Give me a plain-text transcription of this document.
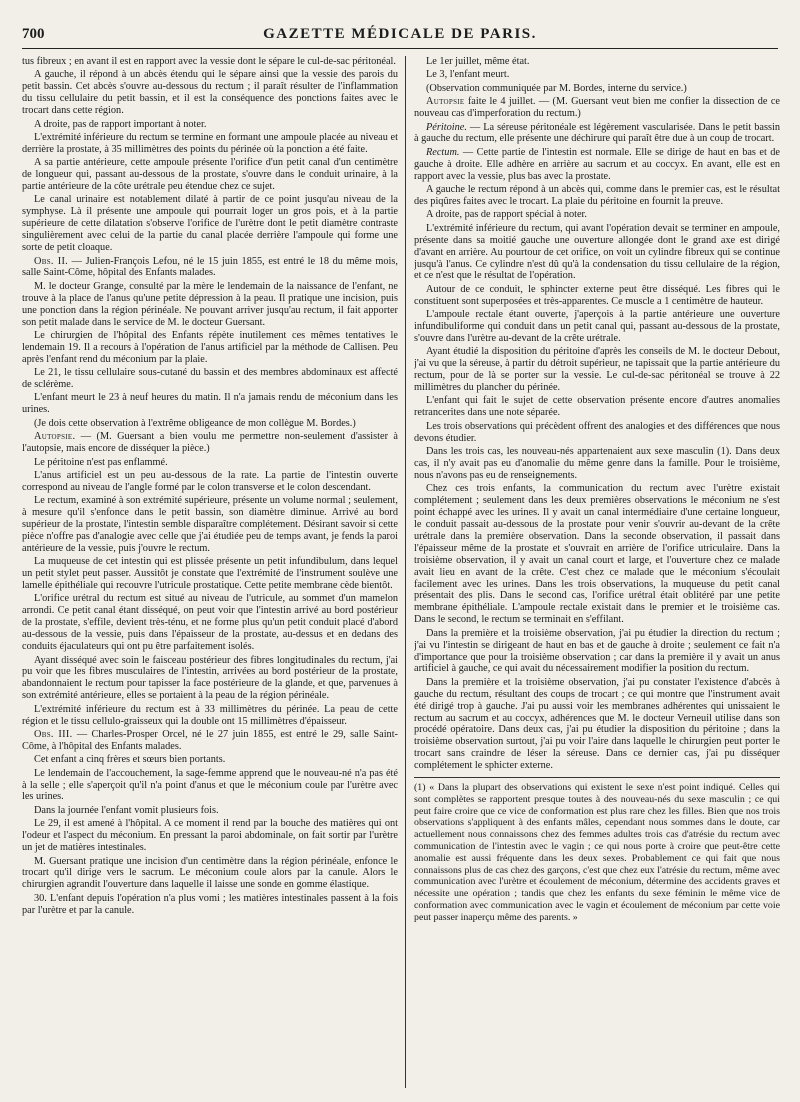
700	GAZETTE MÉDICALE DE PARIS.

tus fibreux ; en avant il est en rapport avec la vessie dont le sépare le cul-de-sac péritonéal.

A gauche, il répond à un abcès étendu qui le sépare ainsi que la vessie des parois du petit bassin. Cet abcès s'ouvre au-dessous du rectum ; il paraît résulter de l'inflammation du tissu cellulaire du petit bassin, et il est la conséquence des ponctions faites avec le trocart dans cette région.

A droite, pas de rapport important à noter.

L'extrémité inférieure du rectum se termine en formant une ampoule placée au niveau et derrière la prostate, à 35 millimètres des points du périnée où la ponction a été faite.

A sa partie antérieure, cette ampoule présente l'orifice d'un petit canal d'un centimètre de longueur qui, passant au-dessous de la prostate, s'ouvre dans le conduit urinaire, à la partie antérieure de la côte urétrale peu étendue chez ce sujet.

Le canal urinaire est notablement dilaté à partir de ce point jusqu'au niveau de la symphyse. Là il présente une ampoule qui pourrait loger un gros pois, et à la partie supérieure de cette dilatation s'observe l'orifice de l'urètre dont le petit diamètre contraste singulièrement avec celui de la partie du canal placée derrière l'ampoule qui forme une sorte de petit cloaque.

Obs. II. — Julien-François Lefou, né le 15 juin 1855, est entré le 18 du même mois, salle Saint-Côme, hôpital des Enfants malades.

M. le docteur Grange, consulté par la mère le lendemain de la naissance de l'enfant, ne trouve à la place de l'anus qu'une petite dépression à la peau. Il pratique une incision, puis une ponction dans la région périnéale. Ne pouvant arriver jusqu'au rectum, il fait apporter son petit malade dans le service de M. le docteur Guersant.

Le chirurgien de l'hôpital des Enfants répète inutilement ces mêmes tentatives le lendemain 19. Il a recours à l'opération de l'anus artificiel par la méthode de Callisen. Peu après l'enfant rend du méconium par la plaie.

Le 21, le tissu cellulaire sous-cutané du bassin et des membres abdominaux est affecté de sclérème.

L'enfant meurt le 23 à neuf heures du matin. Il n'a jamais rendu de méconium dans les urines.

(Je dois cette observation à l'extrême obligeance de mon collègue M. Bordes.)

Autopsie. — (M. Guersant a bien voulu me permettre non-seulement d'assister à l'autopsie, mais encore de disséquer la pièce.)

Le péritoine n'est pas enflammé.

L'anus artificiel est un peu au-dessous de la rate. La partie de l'intestin ouverte correspond au niveau de l'angle formé par le colon transverse et le colon descendant.

Le rectum, examiné à son extrémité supérieure, présente un volume normal ; seulement, à mesure qu'il s'enfonce dans le petit bassin, son diamètre diminue. Arrivé au bord supérieur de la prostate, l'intestin semble disparaître complétement. Désirant savoir si cette pièce n'offre pas d'analogie avec celle que j'ai étudiée peu de temps avant, je fends la paroi antérieure de la vessie, puis j'ouvre le rectum.

La muqueuse de cet intestin qui est plissée présente un petit infundibulum, dans lequel un petit stylet peut passer. Aussitôt je constate que l'extrémité de l'instrument soulève une lamelle épithéliale qui recouvre l'utricule prostatique. Cette petite membrane cède bientôt.

L'orifice urétral du rectum est situé au niveau de l'utricule, au sommet d'un mamelon arrondi. Ce petit canal étant disséqué, on peut voir que l'intestin arrivé au bord postérieur de la prostate, s'effile, devient très-ténu, et ne forme plus qu'un petit conduit placé d'abord au-dessous de la vessie, puis dans l'épaisseur de la prostate, au-dessus et en dedans des conduits éjaculateurs qui ont pu être parfaitement isolés.

Ayant disséqué avec soin le faisceau postérieur des fibres longitudinales du rectum, j'ai pu voir que les fibres musculaires de l'intestin, arrivées au bord postérieur de la prostate, abandonnaient le rectum pour tapisser la face postérieure de la glande, et que, parvenues à son extrémité antérieure, elles se portaient à la peau de la région périnéale.

L'extrémité inférieure du rectum est à 33 millimètres du périnée. La peau de cette région et le tissu cellulo-graisseux qui la double ont 15 millimètres d'épaisseur.

Obs. III. — Charles-Prosper Orcel, né le 27 juin 1855, est entré le 29, salle Saint-Côme, à l'hôpital des Enfants malades.

Cet enfant a cinq frères et sœurs bien portants.

Le lendemain de l'accouchement, la sage-femme apprend que le nouveau-né n'a pas été à la selle ; elle s'aperçoit qu'il n'a point d'anus et que le méconium coule par l'urètre avec les urines.

Dans la journée l'enfant vomit plusieurs fois.

Le 29, il est amené à l'hôpital. A ce moment il rend par la bouche des matières qui ont l'odeur et l'aspect du méconium. En pressant la paroi abdominale, on fait sortir par l'urètre un jet de matières intestinales.

M. Guersant pratique une incision d'un centimètre dans la région périnéale, enfonce le trocart qu'il dirige vers le sacrum. Le méconium coule alors par la canule. Alors le chirurgien agrandit l'ouverture dans laquelle il laisse une sonde en gomme élastique.

30. L'enfant depuis l'opération n'a plus vomi ; les matières intestinales passent à la fois par l'urètre et par la canule.

Le 1er juillet, même état.

Le 3, l'enfant meurt.

(Observation communiquée par M. Bordes, interne du service.)

Autopsie faite le 4 juillet. — (M. Guersant veut bien me confier la dissection de ce nouveau cas d'imperforation du rectum.)

Péritoine. — La séreuse péritonéale est légèrement vascularisée. Dans le petit bassin à gauche du rectum, elle présente une déchirure qui paraît être due à un coup de trocart.

Rectum. — Cette partie de l'intestin est normale. Elle se dirige de haut en bas et de gauche à droite. Elle adhère en arrière au sacrum et au coccyx. En avant, elle est en rapport avec la vessie, plus bas avec la prostate.

A gauche le rectum répond à un abcès qui, comme dans le premier cas, est le résultat des piqûres faites avec le trocart. La plaie du péritoine en fournit la preuve.

A droite, pas de rapport spécial à noter.

L'extrémité inférieure du rectum, qui avant l'opération devait se terminer en ampoule, présente dans sa moitié gauche une ouverture allongée dont le grand axe est dirigé d'avant en arrière. Au pourtour de cet orifice, on voit un cylindre fibreux qui se continue jusqu'à l'anus. Ce cylindre n'est dû qu'à la condensation du tissu cellulaire de la région, et ce n'est que le résultat de l'opération.

Autour de ce conduit, le sphincter externe peut être disséqué. Les fibres qui le constituent sont superposées et très-apparentes. Ce muscle a 1 centimètre de hauteur.

L'ampoule rectale étant ouverte, j'aperçois à la partie antérieure une ouverture infundibuliforme qui conduit dans un petit canal qui, passant au-dessous de la prostate, s'ouvre dans l'urètre au-devant de la crête urétrale.

Ayant étudié la disposition du péritoine d'après les conseils de M. le docteur Debout, j'ai vu que la séreuse, à partir du détroit supérieur, ne tapissait que la partie antérieure du rectum, pour de là se porter sur la vessie. Le cul-de-sac péritonéal se trouve à 22 millimètres du plancher du périnée.

L'enfant qui fait le sujet de cette observation présente encore d'autres anomalies retrancerites dans une note séparée.

Les trois observations qui précèdent offrent des analogies et des différences que nous devons étudier.

Dans les trois cas, les nouveau-nés appartenaient aux sexe masculin (1). Dans deux cas, il n'y avait pas eu d'anomalie du même genre dans la famille. Pour le troisième, nous n'avons pas eu de renseignements.

Chez ces trois enfants, la communication du rectum avec l'urètre existait complétement ; seulement dans les deux premières observations le méconium ne s'est point échappé avec les urines. Il y avait un canal intermédiaire d'une certaine longueur, le conduit passait au-dessous de la prostate pour venir s'ouvrir au-devant de la crête urétrale dans la première observation. Dans la seconde observation, il passait dans l'épaisseur même de la prostate et s'ouvrait en arrière de l'orifice utriculaire. Dans la troisième observation, il y avait un canal court et large, et l'ouverture chez ce malade avait lieu en avant de la crête. C'est chez ce malade que le méconium s'écoulait facilement avec les urines. Dans les trois observations, la muqueuse du petit canal présentait des plis. Dans le second cas, l'orifice urétral était oblitéré par une petite membrane épithéliale. L'ampoule rectale existait dans le premier et le troisième cas. Dans le second, le rectum se terminait en s'effilant.

Dans la première et la troisième observation, j'ai pu étudier la direction du rectum ; j'ai vu l'intestin se dirigeant de haut en bas et de gauche à droite ; seulement ce fait n'a d'importance que pour la troisième observation ; car dans la première il y avait un anus artificiel à gauche, ce qui avait du nécessairement modifier la position du rectum.

Dans la première et la troisième observation, j'ai pu constater l'existence d'abcès à gauche du rectum, résultant des coups de trocart ; ce qui montre que l'instrument avait été dirigé trop à gauche. J'ai pu aussi voir les membranes adhérentes qui unissaient le rectum au sacrum et au coccyx, adhérences que M. le docteur Verneuil utilise dans son procédé opératoire. Dans deux cas, j'ai pu étudier la disposition du péritoine ; dans la troisième observation surtout, j'ai pu voir l'aire dans laquelle le chirurgien peut porter le trocart sans craindre de léser la séreuse. Dans ce dernier cas, j'ai pu disséquer complétement le sphicter externe.

(1) « Dans la plupart des observations qui existent le sexe n'est point indiqué. Celles qui sont complètes se rapportent presque toutes à des nouveau-nés du sexe masculin ; ce qui peut faire croire que ce vice de conformation est plus rare chez les filles. Bien que nos trois observations s'appliquent à des enfants mâles, cependant nous sommes dans le doute, car actuellement nous connaissons chez des femmes adultes trois cas d'atrésie du rectum avec communication de l'intestin avec le vagin ; ce qui nous porte à croire que peut-être cette anomalie est aussi fréquente dans les deux sexes. Probablement ce qui fait que nous connaissons plus de cas chez des garçons, c'est que chez eux l'atrésie du rectum, même avec communication avec l'urètre et écoulement de méconium, détermine des accidents graves et nécessite une opération ; tandis que chez les enfants du sexe féminin le même vice de conformation avec communication avec le vagin et écoulement de méconium par cette voie peut passer inaperçu même des parents. »
